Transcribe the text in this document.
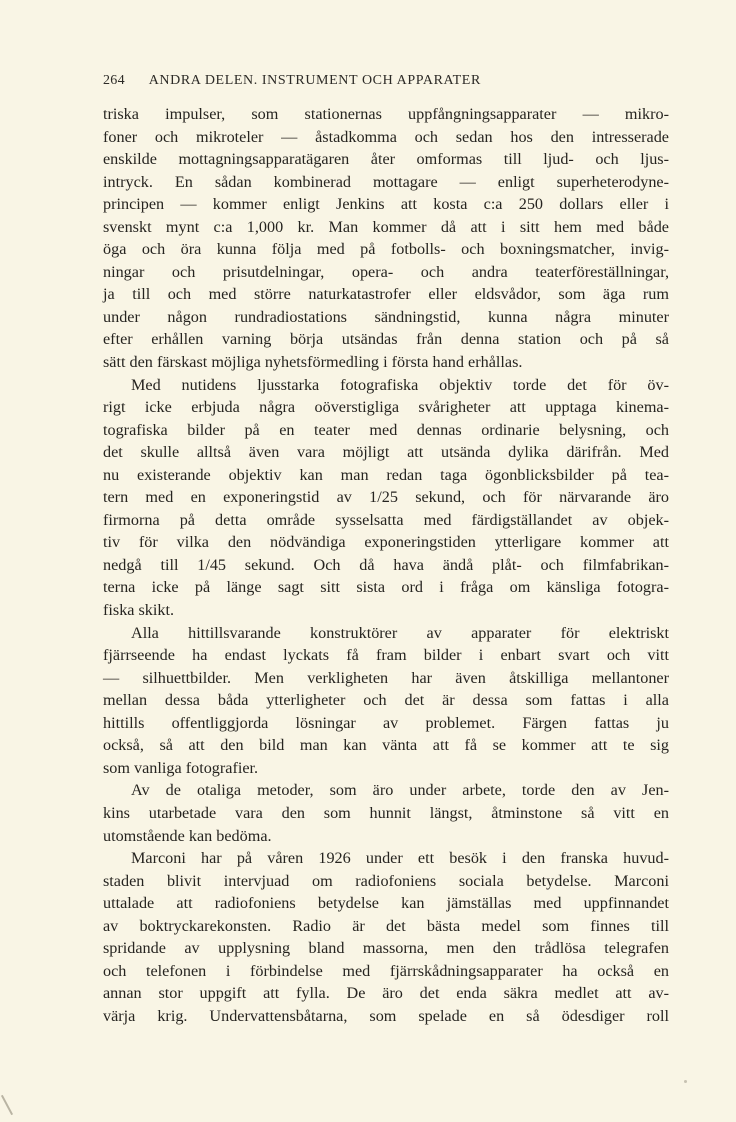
264 ANDRA DELEN. INSTRUMENT OCH APPARATER
triska impulser, som stationernas uppfångningsapparater — mikro-
foner och mikroteler — åstadkomma och sedan hos den intresserade
enskilde mottagningsapparatägaren åter omformas till ljud- och ljus-
intryck. En sådan kombinerad mottagare — enligt superheterodyne-
principen — kommer enligt Jenkins att kosta c:a 250 dollars eller i
svenskt mynt c:a 1,000 kr. Man kommer då att i sitt hem med både
öga och öra kunna följa med på fotbolls- och boxningsmatcher, invig-
ningar och prisutdelningar, opera- och andra teaterföreställningar,
ja till och med större naturkatastrofer eller eldsvådor, som äga rum
under någon rundradiostations sändningstid, kunna några minuter
efter erhållen varning börja utsändas från denna station och på så
sätt den färskast möjliga nyhetsförmedling i första hand erhållas.
Med nutidens ljusstarka fotografiska objektiv torde det för öv-
rigt icke erbjuda några oöverstigliga svårigheter att upptaga kinema-
tografiska bilder på en teater med dennas ordinarie belysning, och
det skulle alltså även vara möjligt att utsända dylika därifrån. Med
nu existerande objektiv kan man redan taga ögonblicksbilder på tea-
tern med en exponeringstid av 1/25 sekund, och för närvarande äro
firmorna på detta område sysselsatta med färdigställandet av objek-
tiv för vilka den nödvändiga exponeringstiden ytterligare kommer att
nedgå till 1/45 sekund. Och då hava ändå plåt- och filmfabrikan-
terna icke på länge sagt sitt sista ord i fråga om känsliga fotogra-
fiska skikt.
Alla hittillsvarande konstruktörer av apparater för elektriskt
fjärrseende ha endast lyckats få fram bilder i enbart svart och vitt
— silhuettbilder. Men verkligheten har även åtskilliga mellantoner
mellan dessa båda ytterligheter och det är dessa som fattas i alla
hittills offentliggjorda lösningar av problemet. Färgen fattas ju
också, så att den bild man kan vänta att få se kommer att te sig
som vanliga fotografier.
Av de otaliga metoder, som äro under arbete, torde den av Jen-
kins utarbetade vara den som hunnit längst, åtminstone så vitt en
utomstående kan bedöma.
Marconi har på våren 1926 under ett besök i den franska huvud-
staden blivit intervjuad om radiofoniens sociala betydelse. Marconi
uttalade att radiofoniens betydelse kan jämställas med uppfinnandet
av boktryckarekonsten. Radio är det bästa medel som finnes till
spridande av upplysning bland massorna, men den trådlösa telegrafen
och telefonen i förbindelse med fjärrskådningsapparater ha också en
annan stor uppgift att fylla. De äro det enda säkra medlet att av-
värja krig. Undervattensbåtarna, som spelade en så ödesdiger roll
